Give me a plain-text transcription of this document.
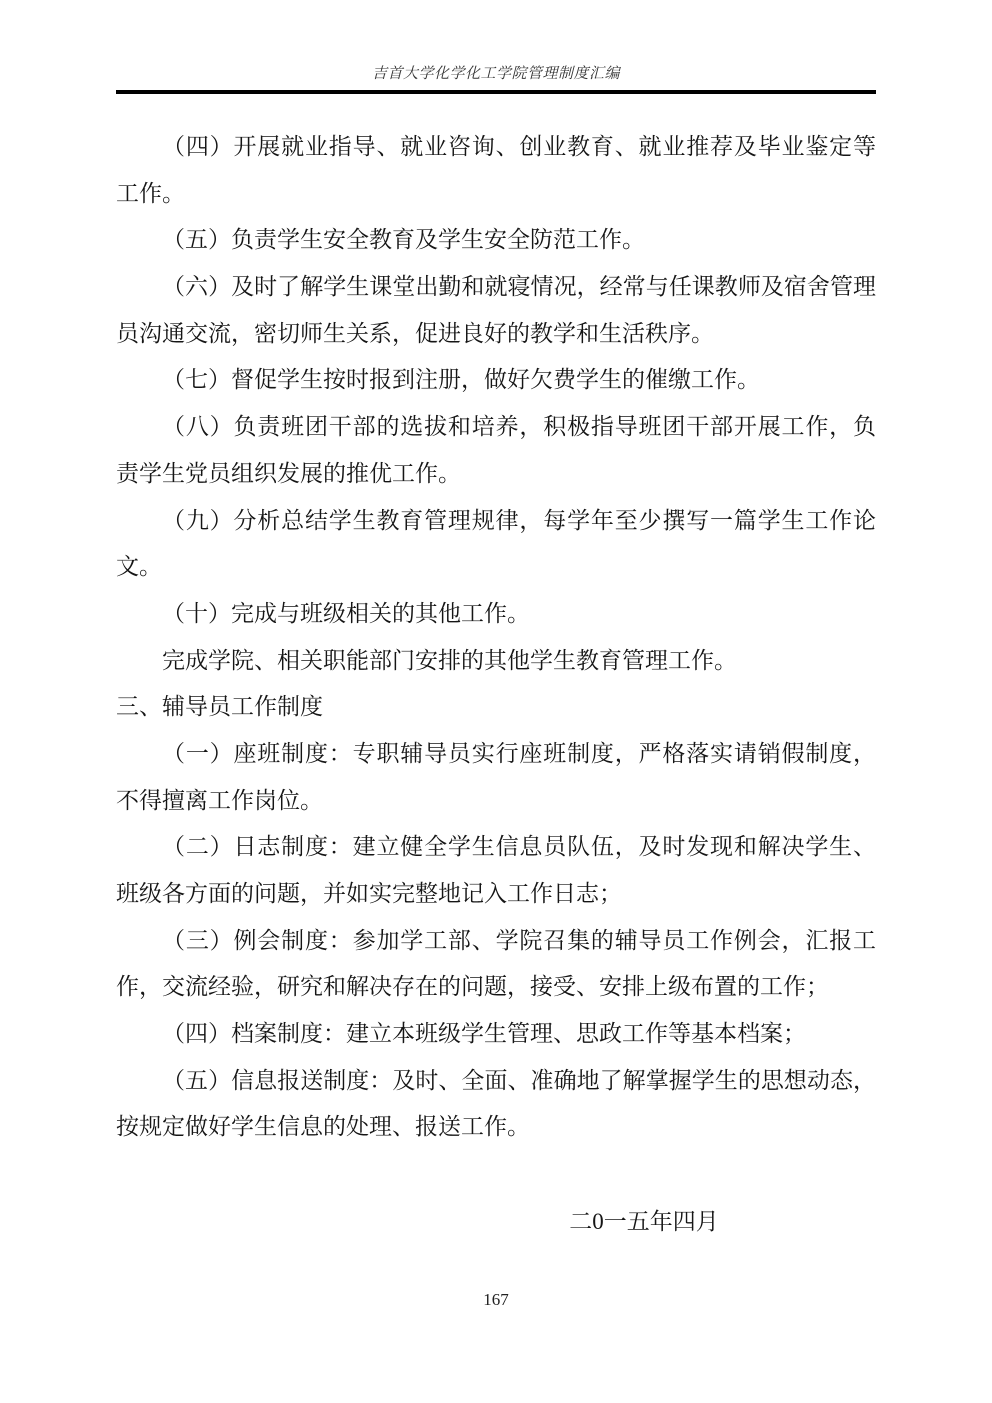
吉首大学化学化工学院管理制度汇编
（四）开展就业指导、就业咨询、创业教育、就业推荐及毕业鉴定等
工作。
（五）负责学生安全教育及学生安全防范工作。
（六）及时了解学生课堂出勤和就寝情况，经常与任课教师及宿舍管理
员沟通交流，密切师生关系，促进良好的教学和生活秩序。
（七）督促学生按时报到注册，做好欠费学生的催缴工作。
（八）负责班团干部的选拔和培养，积极指导班团干部开展工作，负
责学生党员组织发展的推优工作。
（九）分析总结学生教育管理规律，每学年至少撰写一篇学生工作论
文。
（十）完成与班级相关的其他工作。
完成学院、相关职能部门安排的其他学生教育管理工作。
三、辅导员工作制度
（一）座班制度：专职辅导员实行座班制度，严格落实请销假制度，
不得擅离工作岗位。
（二）日志制度：建立健全学生信息员队伍，及时发现和解决学生、
班级各方面的问题，并如实完整地记入工作日志；
（三）例会制度：参加学工部、学院召集的辅导员工作例会，汇报工
作，交流经验，研究和解决存在的问题，接受、安排上级布置的工作；
（四）档案制度：建立本班级学生管理、思政工作等基本档案；
（五）信息报送制度：及时、全面、准确地了解掌握学生的思想动态，
按规定做好学生信息的处理、报送工作。
二0一五年四月
167
